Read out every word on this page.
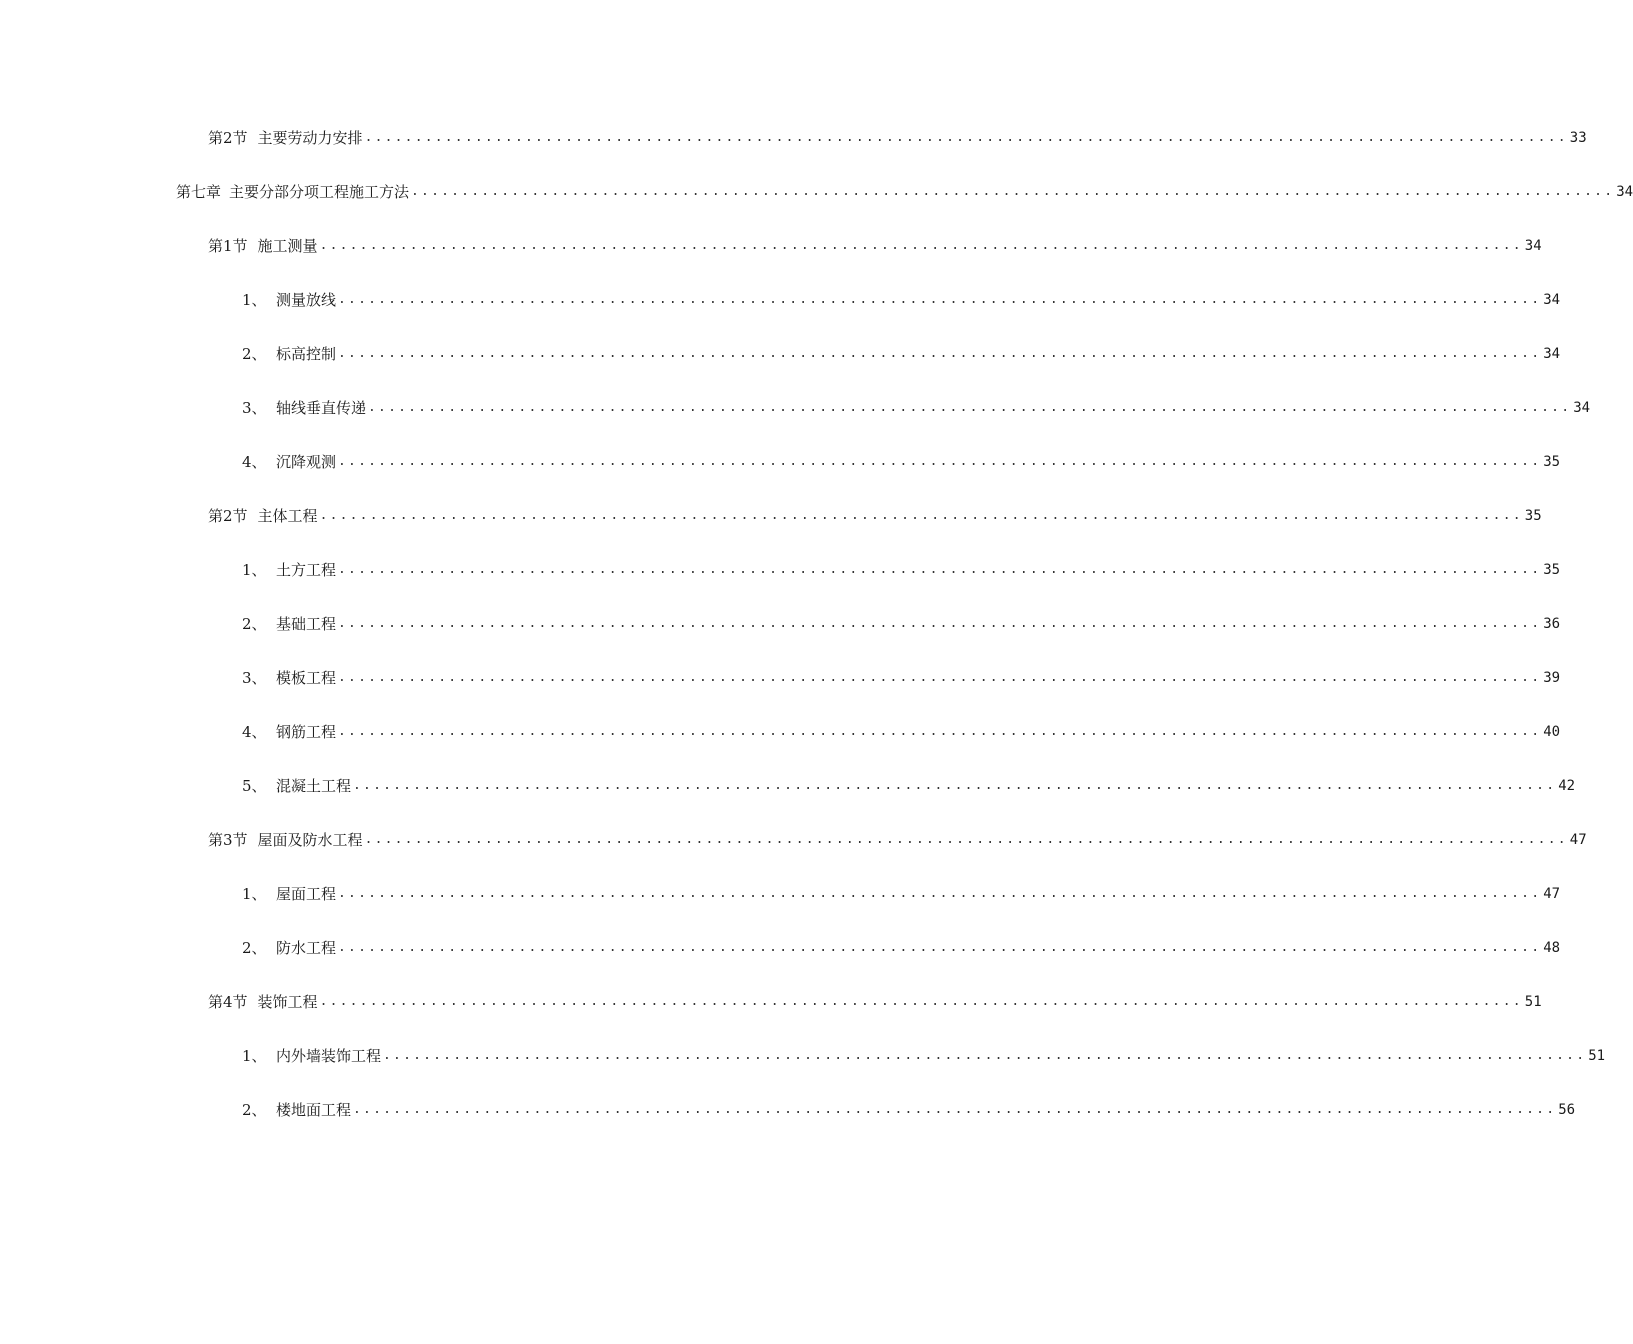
第2节 主要劳动力安排 ........................................................................................................................ 33
第七章 主要分部分项工程施工方法 ........................................................................................................................ 34
第1节 施工测量 ........................................................................................................................ 34
1、 测量放线 ........................................................................................................................ 34
2、 标高控制 ........................................................................................................................ 34
3、 轴线垂直传递 ........................................................................................................................ 34
4、 沉降观测 ........................................................................................................................ 35
第2节 主体工程 ........................................................................................................................ 35
1、 土方工程 ........................................................................................................................ 35
2、 基础工程 ........................................................................................................................ 36
3、 模板工程 ........................................................................................................................ 39
4、 钢筋工程 ........................................................................................................................ 40
5、 混凝土工程 ........................................................................................................................ 42
第3节 屋面及防水工程 ........................................................................................................................ 47
1、 屋面工程 ........................................................................................................................ 47
2、 防水工程 ........................................................................................................................ 48
第4节 装饰工程 ........................................................................................................................ 51
1、 内外墙装饰工程 ........................................................................................................................ 51
2、 楼地面工程 ........................................................................................................................ 56
